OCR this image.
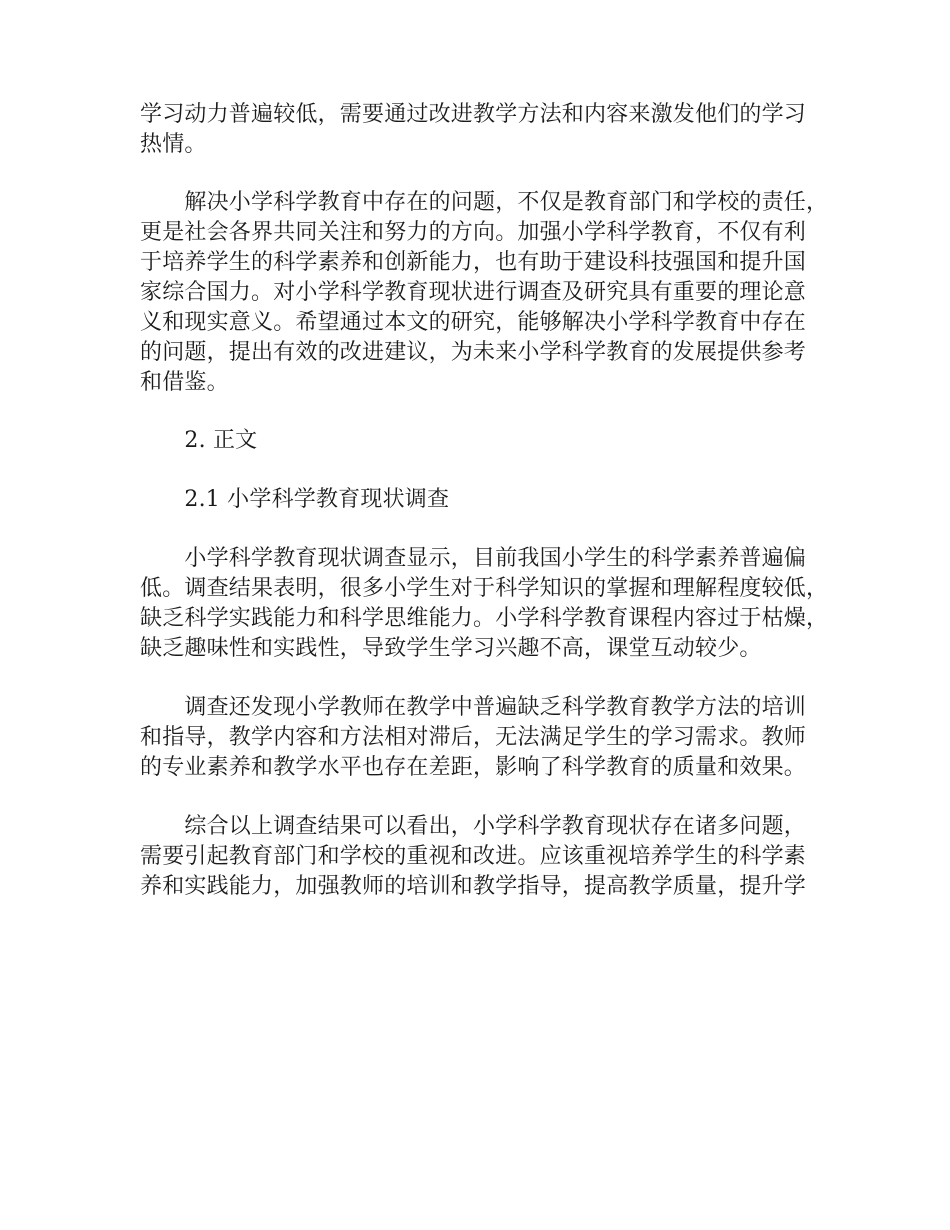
学习动力普遍较低，需要通过改进教学方法和内容来激发他们的学习
热情。
　　解决小学科学教育中存在的问题，不仅是教育部门和学校的责任，
更是社会各界共同关注和努力的方向。加强小学科学教育，不仅有利
于培养学生的科学素养和创新能力，也有助于建设科技强国和提升国
家综合国力。对小学科学教育现状进行调查及研究具有重要的理论意
义和现实意义。希望通过本文的研究，能够解决小学科学教育中存在
的问题，提出有效的改进建议，为未来小学科学教育的发展提供参考
和借鉴。
　　2. 正文
　　2.1 小学科学教育现状调查
　　小学科学教育现状调查显示，目前我国小学生的科学素养普遍偏
低。调查结果表明，很多小学生对于科学知识的掌握和理解程度较低，
缺乏科学实践能力和科学思维能力。小学科学教育课程内容过于枯燥，
缺乏趣味性和实践性，导致学生学习兴趣不高，课堂互动较少。
　　调查还发现小学教师在教学中普遍缺乏科学教育教学方法的培训
和指导，教学内容和方法相对滞后，无法满足学生的学习需求。教师
的专业素养和教学水平也存在差距，影响了科学教育的质量和效果。
　　综合以上调查结果可以看出，小学科学教育现状存在诸多问题，
需要引起教育部门和学校的重视和改进。应该重视培养学生的科学素
养和实践能力，加强教师的培训和教学指导，提高教学质量，提升学
